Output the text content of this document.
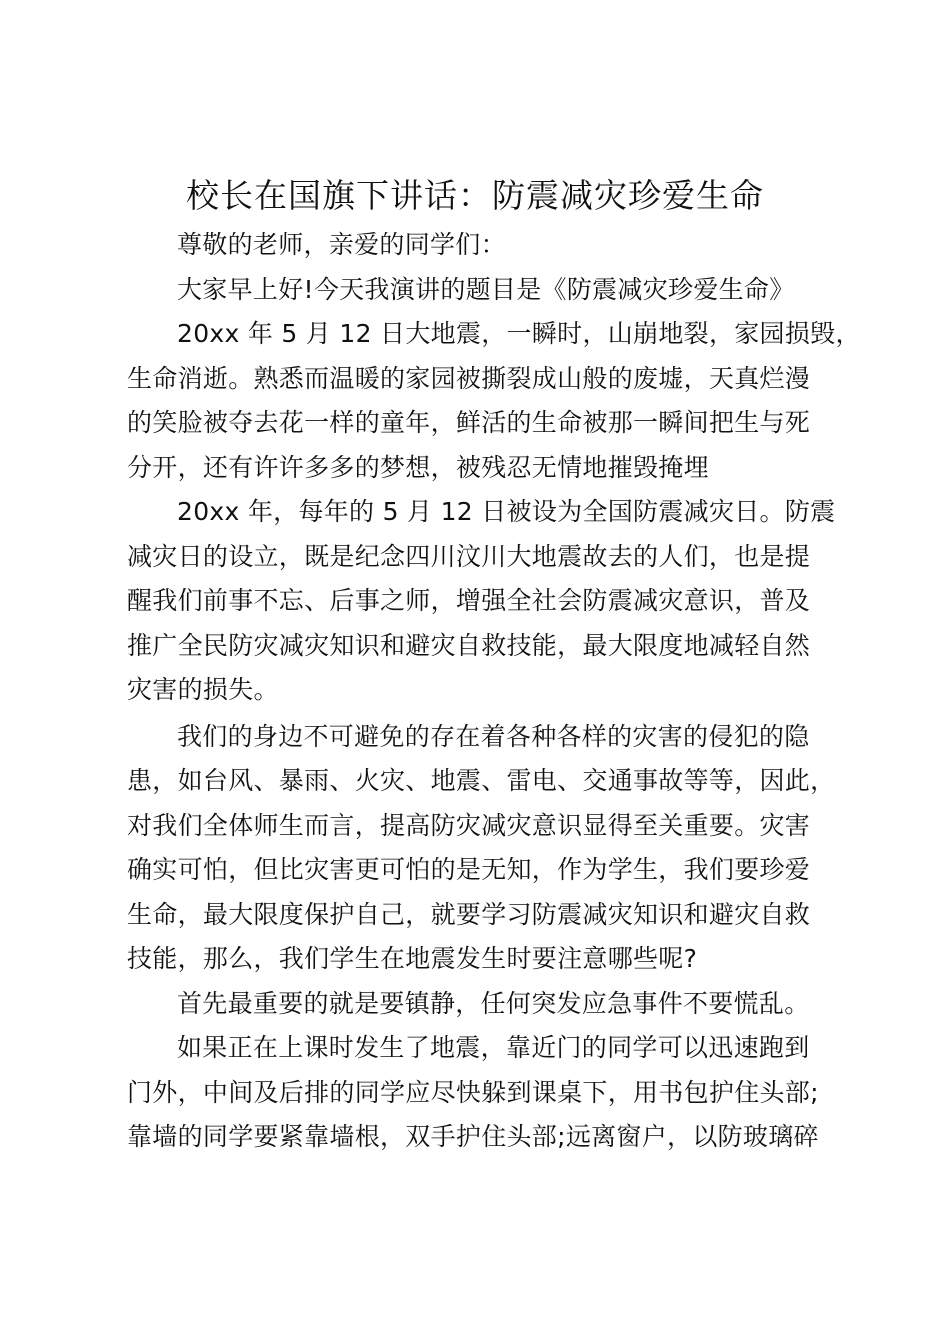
校长在国旗下讲话：防震减灾珍爱生命
尊敬的老师，亲爱的同学们：
大家早上好!今天我演讲的题目是《防震减灾珍爱生命》
20xx 年 5 月 12 日大地震，一瞬时，山崩地裂，家园损毁，
生命消逝。熟悉而温暖的家园被撕裂成山般的废墟，天真烂漫
的笑脸被夺去花一样的童年，鲜活的生命被那一瞬间把生与死
分开，还有许许多多的梦想，被残忍无情地摧毁掩埋
20xx 年，每年的 5 月 12 日被设为全国防震减灾日。防震
减灾日的设立，既是纪念四川汶川大地震故去的人们，也是提
醒我们前事不忘、后事之师，增强全社会防震减灾意识，普及
推广全民防灾减灾知识和避灾自救技能，最大限度地减轻自然
灾害的损失。
我们的身边不可避免的存在着各种各样的灾害的侵犯的隐
患，如台风、暴雨、火灾、地震、雷电、交通事故等等，因此，
对我们全体师生而言，提高防灾减灾意识显得至关重要。灾害
确实可怕，但比灾害更可怕的是无知，作为学生，我们要珍爱
生命，最大限度保护自己，就要学习防震减灾知识和避灾自救
技能，那么，我们学生在地震发生时要注意哪些呢?
首先最重要的就是要镇静，任何突发应急事件不要慌乱。
如果正在上课时发生了地震，靠近门的同学可以迅速跑到
门外，中间及后排的同学应尽快躲到课桌下，用书包护住头部;
靠墙的同学要紧靠墙根，双手护住头部;远离窗户，以防玻璃碎
